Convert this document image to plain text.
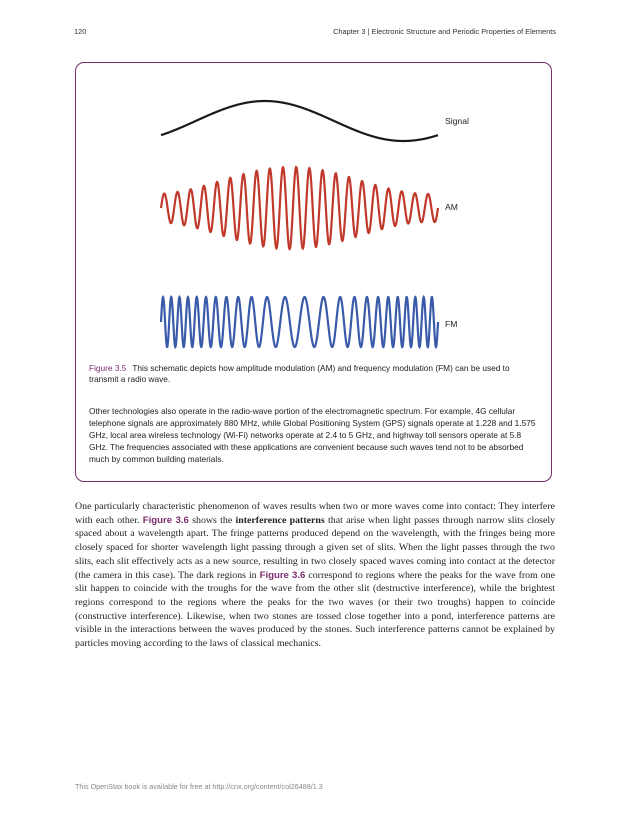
120	Chapter 3 | Electronic Structure and Periodic Properties of Elements
Signal
AM
FM

Figure 3.5 This schematic depicts how amplitude modulation (AM) and frequency modulation (FM) can be used to transmit a radio wave.

Other technologies also operate in the radio-wave portion of the electromagnetic spectrum. For example, 4G cellular telephone signals are approximately 880 MHz, while Global Positioning System (GPS) signals operate at 1.228 and 1.575 GHz, local area wireless technology (Wi-Fi) networks operate at 2.4 to 5 GHz, and highway toll sensors operate at 5.8 GHz. The frequencies associated with these applications are convenient because such waves tend not to be absorbed much by common building materials.

One particularly characteristic phenomenon of waves results when two or more waves come into contact: They interfere with each other. Figure 3.6 shows the interference patterns that arise when light passes through narrow slits closely spaced about a wavelength apart. The fringe patterns produced depend on the wavelength, with the fringes being more closely spaced for shorter wavelength light passing through a given set of slits. When the light passes through the two slits, each slit effectively acts as a new source, resulting in two closely spaced waves coming into contact at the detector (the camera in this case). The dark regions in Figure 3.6 correspond to regions where the peaks for the wave from one slit happen to coincide with the troughs for the wave from the other slit (destructive interference), while the brightest regions correspond to the regions where the peaks for the two waves (or their two troughs) happen to coincide (constructive interference). Likewise, when two stones are tossed close together into a pond, interference patterns are visible in the interactions between the waves produced by the stones. Such interference patterns cannot be explained by particles moving according to the laws of classical mechanics.

This OpenStax book is available for free at http://cnx.org/content/col26488/1.3
